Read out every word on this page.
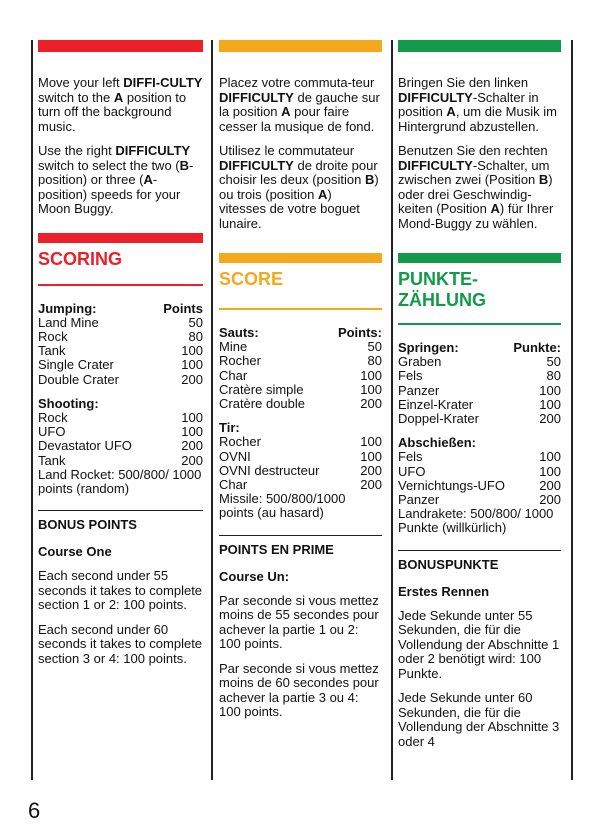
Move your left DIFFI-CULTY switch to the A position to turn off the background music.

Use the right DIFFICULTY switch to select the two (B-position) or three (A-position) speeds for your Moon Buggy.

SCORING
Jumping:	Points
Land Mine	50
Rock	80
Tank	100
Single Crater	100
Double Crater	200
Shooting:
Rock	100
UFO	100
Devastator UFO	200
Tank	200
Land Rocket: 500/800/ 1000 points (random)
BONUS POINTS
Course One

Each second under 55 seconds it takes to complete section 1 or 2: 100 points.

Each second under 60 seconds it takes to complete section 3 or 4: 100 points.

Placez votre commuta-teur DIFFICULTY de gauche sur la position A pour faire cesser la musique de fond.

Utilisez le commutateur DIFFICULTY de droite pour choisir les deux (position B) ou trois (position A) vitesses de votre boguet lunaire.

SCORE
Sauts:	Points:
Mine	50
Rocher	80
Char	100
Cratère simple	100
Cratère double	200
Tir:
Rocher	100
OVNI	100
OVNI destructeur	200
Char	200
Missile: 500/800/1000 points (au hasard)
POINTS EN PRIME
Course Un:

Par seconde si vous mettez moins de 55 secondes pour achever la partie 1 ou 2: 100 points.

Par seconde si vous mettez moins de 60 secondes pour achever la partie 3 ou 4: 100 points.

Bringen Sie den linken DIFFICULTY-Schalter in position A, um die Musik im Hintergrund abzustellen.

Benutzen Sie den rechten DIFFICULTY-Schalter, um zwischen zwei (Position B) oder drei Geschwindig-keiten (Position A) für Ihrer Mond-Buggy zu wählen.

PUNKTE-ZÄHLUNG
Springen:	Punkte:
Graben	50
Fels	80
Panzer	100
Einzel-Krater	100
Doppel-Krater	200
Abschießen:
Fels	100
UFO	100
Vernichtungs-UFO	200
Panzer	200
Landrakete: 500/800/ 1000 Punkte (willkürlich)
BONUSPUNKTE
Erstes Rennen

Jede Sekunde unter 55 Sekunden, die für die Vollendung der Abschnitte 1 oder 2 benötigt wird: 100 Punkte.

Jede Sekunde unter 60 Sekunden, die für die Vollendung der Abschnitte 3 oder 4

6
